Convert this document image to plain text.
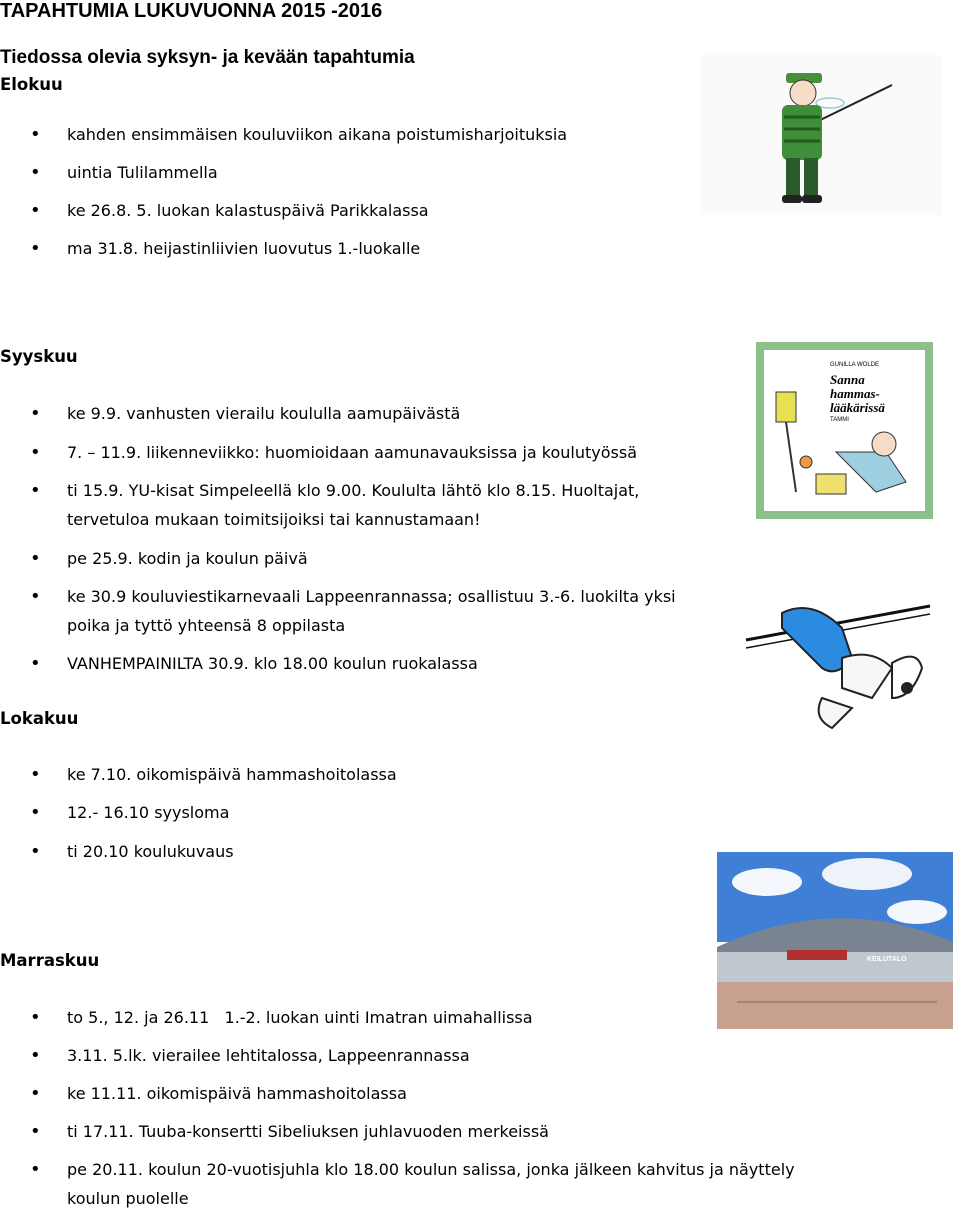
TAPAHTUMIA LUKUVUONNA 2015 -2016
Tiedossa olevia syksyn- ja kevään tapahtumia
Elokuu
• kahden ensimmäisen kouluviikon aikana poistumisharjoituksia
• uintia Tulilammella
• ke 26.8. 5. luokan kalastuspäivä Parikkalassa
• ma 31.8. heijastinliivien luovutus 1.-luokalle
Syyskuu
• ke 9.9. vanhusten vierailu koululla aamupäivästä
• 7. – 11.9. liikenneviikko: huomioidaan aamunavauksissa ja koulutyössä
• ti 15.9. YU-kisat Simpeleellä klo 9.00. Koululta lähtö klo 8.15. Huoltajat,
tervetuloa mukaan toimitsijoiksi tai kannustamaan!
• pe 25.9. kodin ja koulun päivä
• ke 30.9 kouluviestikarnevaali Lappeenrannassa; osallistuu 3.-6. luokilta yksi
poika ja tyttö yhteensä 8 oppilasta
• VANHEMPAINILTA 30.9. klo 18.00 koulun ruokalassa
Lokakuu
• ke 7.10. oikomispäivä hammashoitolassa
• 12.- 16.10 syysloma
• ti 20.10 koulukuvaus
Marraskuu
• to 5., 12. ja 26.11   1.-2. luokan uinti Imatran uimahallissa
• 3.11. 5.lk. vierailee lehtitalossa, Lappeenrannassa
• ke 11.11. oikomispäivä hammashoitolassa
• ti 17.11. Tuuba-konsertti Sibeliuksen juhlavuoden merkeissä
• pe 20.11. koulun 20-vuotisjuhla klo 18.00 koulun salissa, jonka jälkeen kahvitus ja näyttely
koulun puolelle
GUNILLA WOLDE
Sanna
hammas-
lääkärissä
TAMMI
KEILUTALO
